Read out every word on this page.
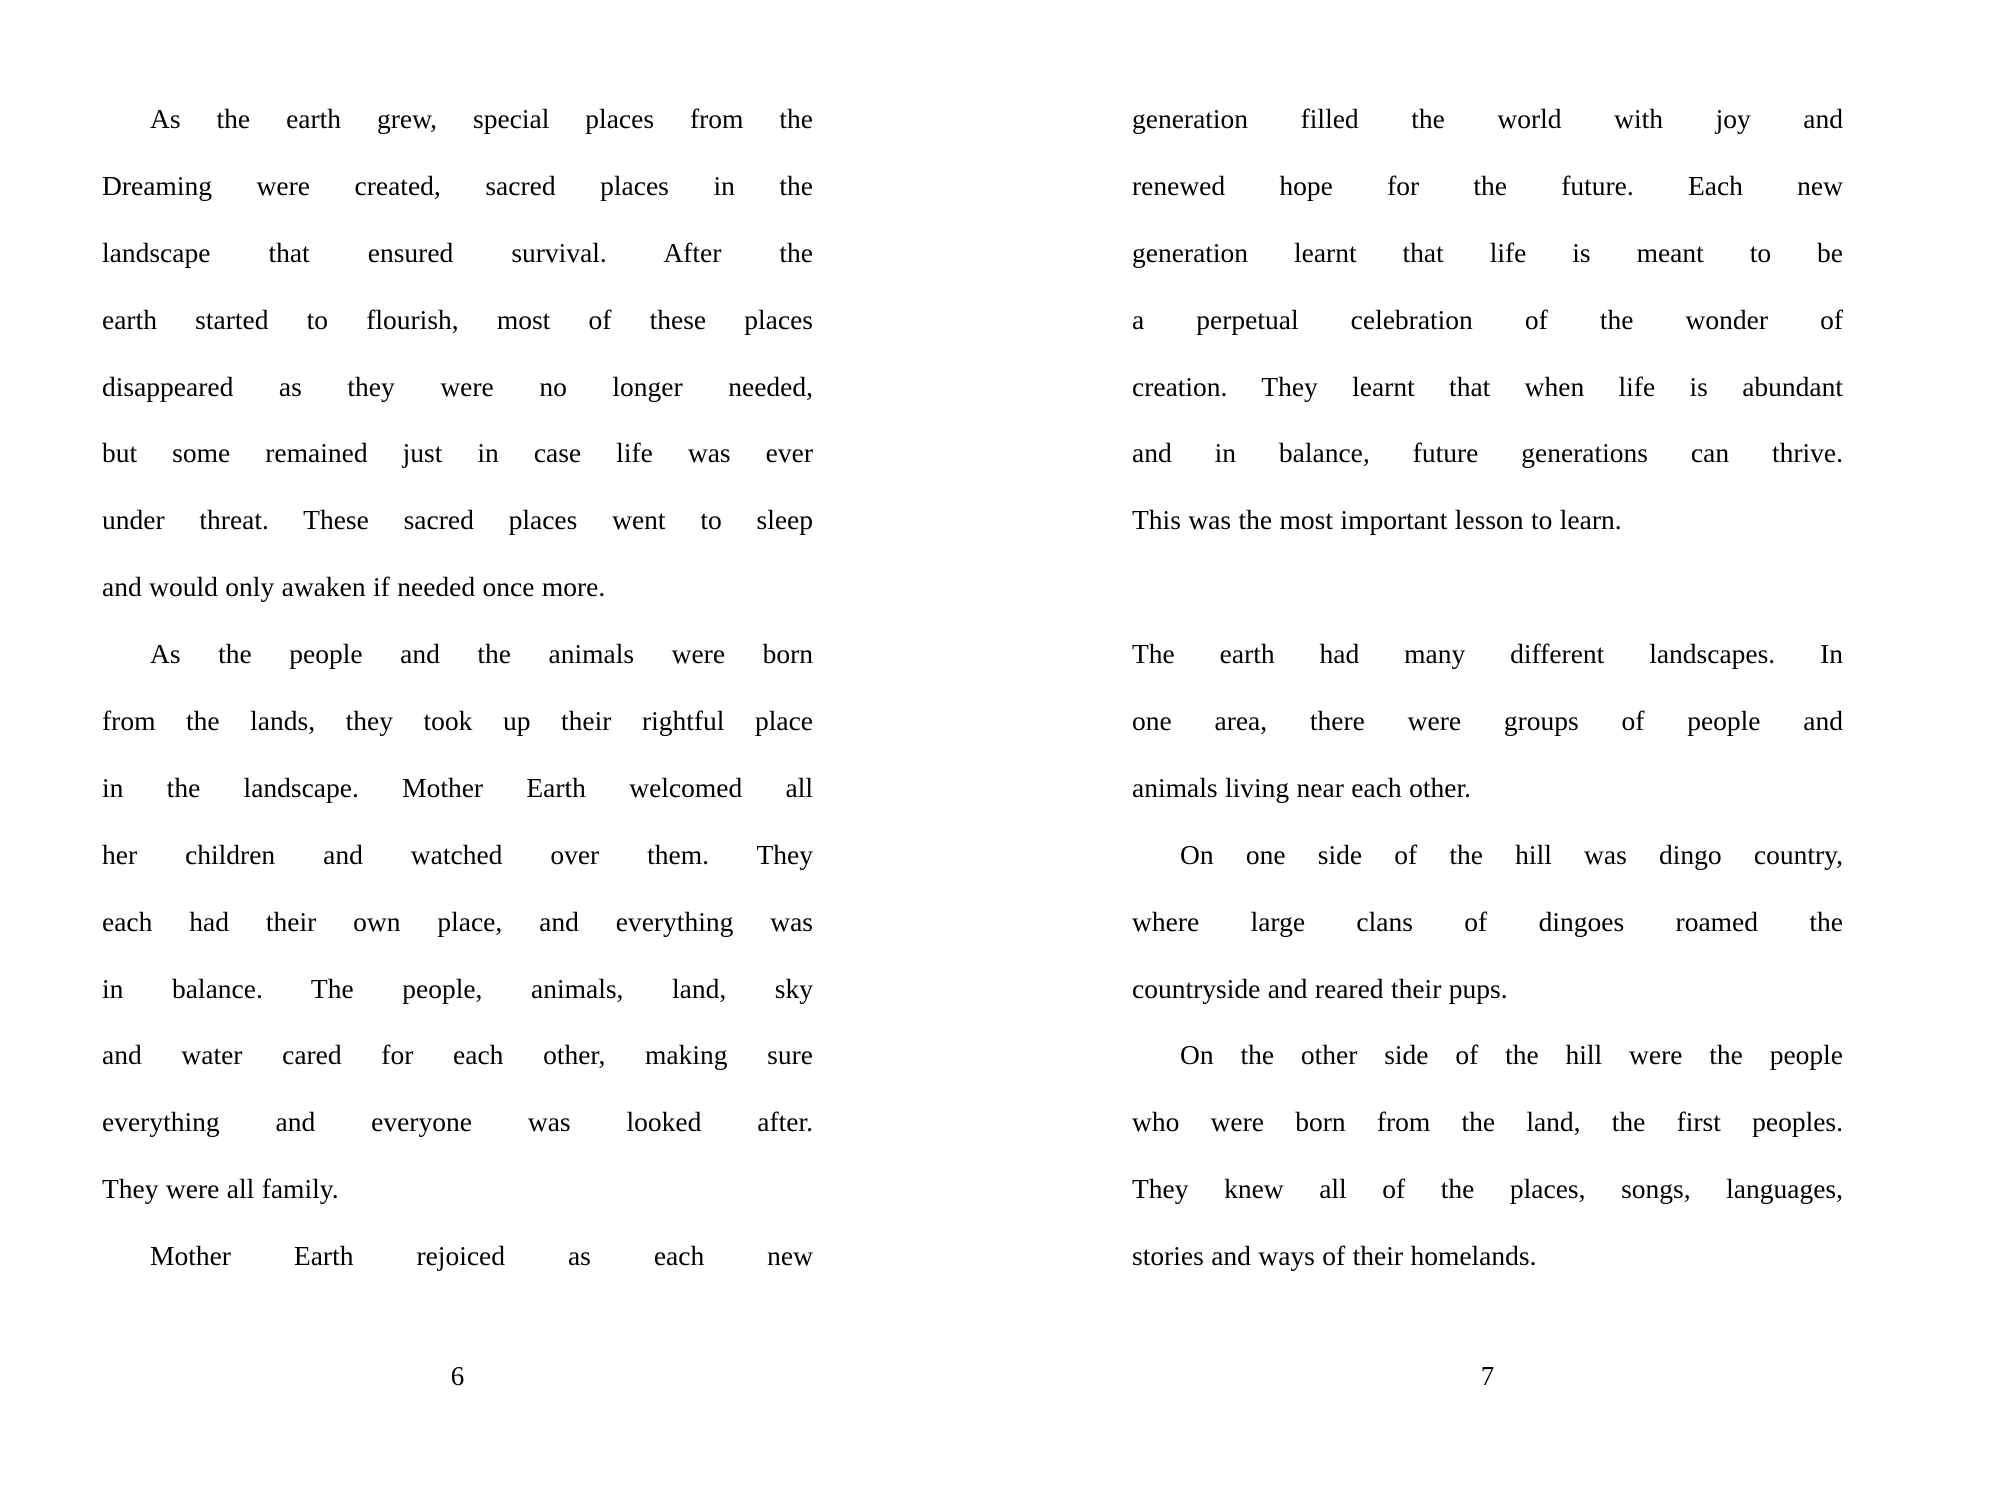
As the earth grew, special places from the
Dreaming were created, sacred places in the
landscape that ensured survival. After the
earth started to flourish, most of these places
disappeared as they were no longer needed,
but some remained just in case life was ever
under threat. These sacred places went to sleep
and would only awaken if needed once more.
As the people and the animals were born
from the lands, they took up their rightful place
in the landscape. Mother Earth welcomed all
her children and watched over them. They
each had their own place, and everything was
in balance. The people, animals, land, sky
and water cared for each other, making sure
everything and everyone was looked after.
They were all family.
Mother Earth rejoiced as each new
6
generation filled the world with joy and
renewed hope for the future. Each new
generation learnt that life is meant to be
a perpetual celebration of the wonder of
creation. They learnt that when life is abundant
and in balance, future generations can thrive.
This was the most important lesson to learn.
The earth had many different landscapes. In
one area, there were groups of people and
animals living near each other.
On one side of the hill was dingo country,
where large clans of dingoes roamed the
countryside and reared their pups.
On the other side of the hill were the people
who were born from the land, the first peoples.
They knew all of the places, songs, languages,
stories and ways of their homelands.
7
